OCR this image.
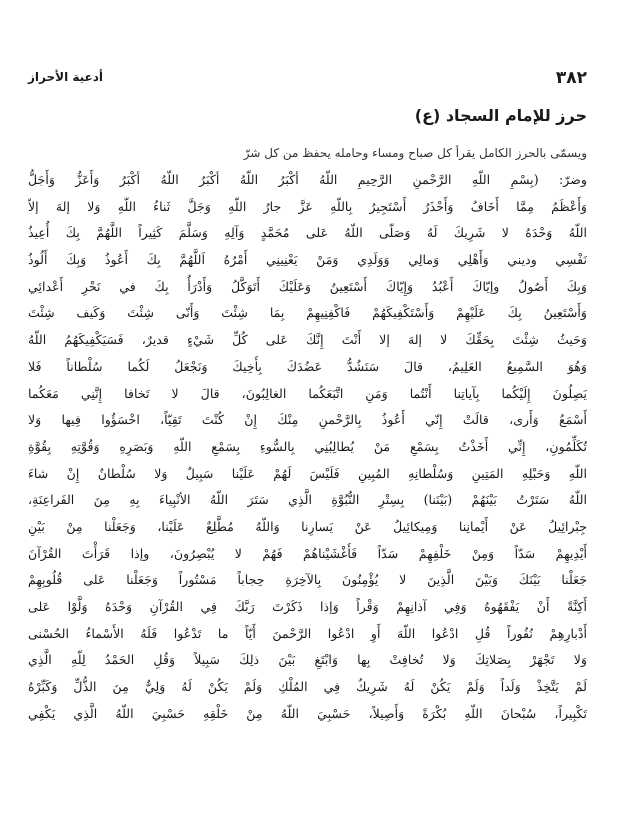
٣٨٢
أدعية الأحراز
حرز للإمام السجاد (ع)

ويسمّى بالحرز الكامل يقرأ كل صباح ومساء وحامله يحفظ من كل شرّ

وضرّ: (بِسْمِ اللّهِ الرَّحْمنِ الرَّحِيمِ اللّهُ أكْبَرُ اللّهُ أكْبَرُ اللّهُ أكْبَرُ وَأَعَزُّ وَأَجَلُّ
وَأَعْظَمُ مِمَّا أَخَافُ وَأَحْذَرُ أَسْتَجِيرُ بِاللّهِ عَزَّ جارُ اللّهِ وَجَلَّ ثَناءُ اللّهِ وَلا إلهَ إلاّ
اللّهُ وَحْدَهُ لا شَرِيكَ لَهُ وَصَلّى اللّهُ عَلى مُحَمَّدٍ وَآلِهِ وَسَلَّمَ كَثِيراً اللَّهُمَّ بِكَ أُعِيذُ
نَفْسِي وديني وَأَهْلِي وَمالِي وَوَلَدِي وَمَنْ يَعْنِينِي أَمْرُهُ اَللَّهُمَّ بِكَ أَعُوذُ وَبِكَ أَلُوذُ
وَبِكَ أَصُولُ وإيّاكَ أَعْبُدُ وَإِيّاكَ أَسْتَعِينُ وَعَلَيْكَ أَتَوَكَّلُ وَأَدْرَأُ بِكَ في نَحْرِ أَعْدائِي
وَأَسْتَعِينُ بِكَ عَلَيْهِمْ وَأَسْتَكْفِيكَهُمْ فَاكْفِنِيهِمْ بِمَا شِئْتَ وَأَنّى شِئْتَ وَكَيف شِئْتَ
وَحَيثُ شِئْتَ بِحَقِّكَ لا إلهَ إلا أَنْتَ إِنَّكَ عَلى كُلِّ شَيْءٍ قديرٌ، فَسَيَكْفِيكَهُمُ اللّهُ
وَهُوَ السَّمِيعُ العَلِيمُ، قالَ سَنَشُدُّ عَضُدَكَ بِأَخِيكَ وَنَجْعَلُ لَكُما سُلْطاناً فَلا
يَصِلُونَ إِلَيْكُما بِآياتِنا أَنْتُما وَمَنِ اتَّبَعَكُما الغالِبُونَ، قالَ لا تَخافا إِنَّنِي مَعَكُما
أَسْمَعُ وَأَرى، قالَتْ إِنّي أَعُوذُ بِالرَّحْمنِ مِنْكَ إِنْ كُنْتَ تَقِيّاً، اخْسَؤُوا فِيها وَلا
تُكَلِّمُونِ، إِنِّي أَخَذْتُ بِسَمْعِ مَنْ يُطالِبُنِي بِالسُّوءِ بِسَمْعِ اللّهِ وَبَصَرِهِ وَقُوَّتِهِ بِقُوَّةِ
اللّهِ وَحَبْلِهِ المَتِينِ وَسُلْطانِهِ المُبِينِ فَلَيْسَ لَهُمْ عَلَيْنا سَبِيلٌ وَلا سُلْطانٌ إِنْ شاءَ
اللّهُ سَتَرْتُ بَيْنَهُمْ (بَيْنَنا) بِسِتْرِ النُّبُوَّةِ الَّذِي سَتَرَ اللّهُ الأنْبِياءَ بِهِ مِنَ الفَراعِنَةِ،
جِبْرائِيلُ عَنْ أَيْمانِنا وَمِيكائِيلُ عَنْ يَسارِنا وَاللّهُ مُطَّلِعٌ عَلَيْنا، وَجَعَلْنا مِنْ بَيْنِ
أَيْدِيهِمْ سَدّاً وَمِنْ خَلْفِهِمْ سَدّاً فَأَغْشَيْناهُمْ فَهُمْ لا يُبْصِرُونَ، وإذا قَرَأْتَ القُرْآنَ
جَعَلْنا بَيْنَكَ وَبَيْنَ الَّذِينَ لا يُؤْمِنُونَ بِالآخِرَةِ حِجاباً مَسْتُوراً وَجَعَلْنا عَلى قُلُوبِهِمْ
أَكِنَّةً أَنْ يَفْقَهُوهُ وَفِي آذانِهِمْ وَقْراً وَإذا ذَكَرْتَ رَبَّكَ فِي القُرْآنِ وَحْدَهُ وَلَّوْا عَلى
أَدْبارِهِمْ نُفُوراً قُلِ ادْعُوا اللّهَ أَوِ ادْعُوا الرَّحْمنَ أَيّاً ما تَدْعُوا فَلَهُ الأَسْماءُ الحُسْنى
وَلا تَجْهَرْ بِصَلاتِكَ وَلا تُخافِتْ بِها وَابْتَغِ بَيْنَ ذلِكَ سَبِيلاً وَقُلِ الحَمْدُ لِلّهِ الَّذِي
لَمْ يَتَّخِذْ وَلَداً وَلَمْ يَكُنْ لَهُ شَرِيكٌ فِي المُلْكِ وَلَمْ يَكُنْ لَهُ وَلِيٌّ مِنَ الذُّلِّ وَكَبِّرْهُ
تَكْبِيراً، سُبْحانَ اللّهِ بُكْرَةً وَأَصِيلاً، حَسْبِيَ اللّهُ مِنْ خَلْقِهِ حَسْبِيَ اللّهُ الَّذِي يَكْفِي
